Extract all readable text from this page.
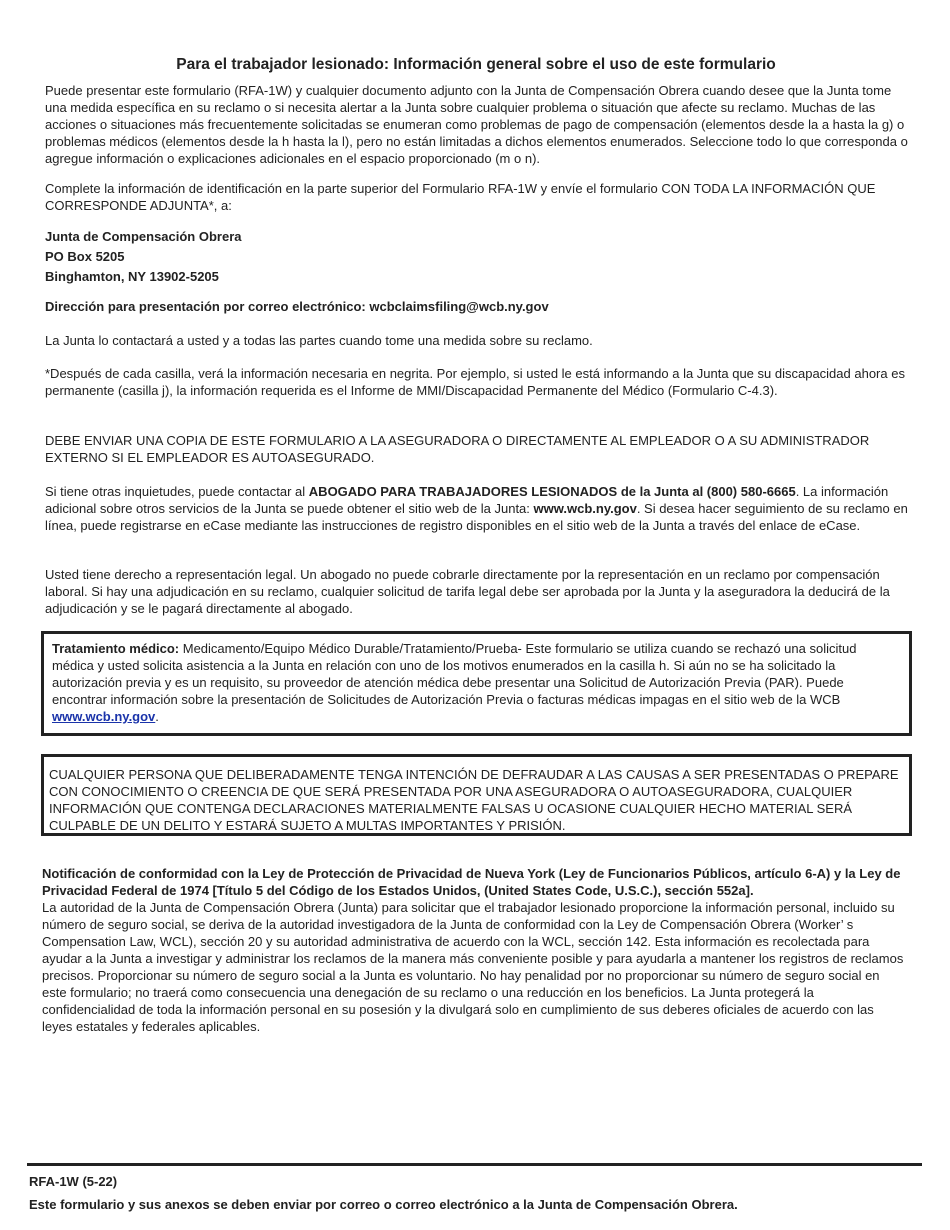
Para el trabajador lesionado: Información general sobre el uso de este formulario
Puede presentar este formulario (RFA-1W) y cualquier documento adjunto con la Junta de Compensación Obrera cuando desee que la Junta tome una medida específica en su reclamo o si necesita alertar a la Junta sobre cualquier problema o situación que afecte su reclamo. Muchas de las acciones o situaciones más frecuentemente solicitadas se enumeran como problemas de pago de compensación (elementos desde la a hasta la g) o problemas médicos (elementos desde la h hasta la l), pero no están limitadas a dichos elementos enumerados. Seleccione todo lo que corresponda o agregue información o explicaciones adicionales en el espacio proporcionado (m o n).
Complete la información de identificación en la parte superior del Formulario RFA-1W y envíe el formulario CON TODA LA INFORMACIÓN QUE CORRESPONDE ADJUNTA*, a:
Junta de Compensación Obrera
PO Box 5205
Binghamton, NY 13902-5205
Dirección para presentación por correo electrónico: wcbclaimsfiling@wcb.ny.gov
La Junta lo contactará a usted y a todas las partes cuando tome una medida sobre su reclamo.
*Después de cada casilla, verá la información necesaria en negrita. Por ejemplo, si usted le está informando a la Junta que su discapacidad ahora es permanente (casilla j), la información requerida es el Informe de MMI/Discapacidad Permanente del Médico (Formulario C-4.3).
DEBE ENVIAR UNA COPIA DE ESTE FORMULARIO A LA ASEGURADORA O DIRECTAMENTE AL EMPLEADOR O A SU ADMINISTRADOR EXTERNO SI EL EMPLEADOR ES AUTOASEGURADO.
Si tiene otras inquietudes, puede contactar al ABOGADO PARA TRABAJADORES LESIONADOS de la Junta al (800) 580-6665. La información adicional sobre otros servicios de la Junta se puede obtener el sitio web de la Junta: www.wcb.ny.gov. Si desea hacer seguimiento de su reclamo en línea, puede registrarse en eCase mediante las instrucciones de registro disponibles en el sitio web de la Junta a través del enlace de eCase.
Usted tiene derecho a representación legal. Un abogado no puede cobrarle directamente por la representación en un reclamo por compensación laboral. Si hay una adjudicación en su reclamo, cualquier solicitud de tarifa legal debe ser aprobada por la Junta y la aseguradora la deducirá de la adjudicación y se le pagará directamente al abogado.
Tratamiento médico: Medicamento/Equipo Médico Durable/Tratamiento/Prueba- Este formulario se utiliza cuando se rechazó una solicitud médica y usted solicita asistencia a la Junta en relación con uno de los motivos enumerados en la casilla h. Si aún no se ha solicitado la autorización previa y es un requisito, su proveedor de atención médica debe presentar una Solicitud de Autorización Previa (PAR). Puede encontrar información sobre la presentación de Solicitudes de Autorización Previa o facturas médicas impagas en el sitio web de la WCB www.wcb.ny.gov.
CUALQUIER PERSONA QUE DELIBERADAMENTE TENGA INTENCIÓN DE DEFRAUDAR A LAS CAUSAS A SER PRESENTADAS O PREPARE CON CONOCIMIENTO O CREENCIA DE QUE SERÁ PRESENTADA POR UNA ASEGURADORA O AUTOASEGURADORA, CUALQUIER INFORMACIÓN QUE CONTENGA DECLARACIONES MATERIALMENTE FALSAS U OCASIONE CUALQUIER HECHO MATERIAL SERÁ CULPABLE DE UN DELITO Y ESTARÁ SUJETO A MULTAS IMPORTANTES Y PRISIÓN.
Notificación de conformidad con la Ley de Protección de Privacidad de Nueva York (Ley de Funcionarios Públicos, artículo 6-A) y la Ley de Privacidad Federal de 1974 [Título 5 del Código de los Estados Unidos, (United States Code, U.S.C.), sección 552a].
La autoridad de la Junta de Compensación Obrera (Junta) para solicitar que el trabajador lesionado proporcione la información personal, incluido su número de seguro social, se deriva de la autoridad investigadora de la Junta de conformidad con la Ley de Compensación Obrera (Worker’ s Compensation Law, WCL), sección 20 y su autoridad administrativa de acuerdo con la WCL, sección 142. Esta información es recolectada para ayudar a la Junta a investigar y administrar los reclamos de la manera más conveniente posible y para ayudarla a mantener los registros de reclamos precisos. Proporcionar su número de seguro social a la Junta es voluntario. No hay penalidad por no proporcionar su número de seguro social en este formulario; no traerá como consecuencia una denegación de su reclamo o una reducción en los beneficios. La Junta protegerá la confidencialidad de toda la información personal en su posesión y la divulgará solo en cumplimiento de sus deberes oficiales de acuerdo con las leyes estatales y federales aplicables.
RFA-1W (5-22)
Este formulario y sus anexos se deben enviar por correo o correo electrónico a la Junta de Compensación Obrera.
